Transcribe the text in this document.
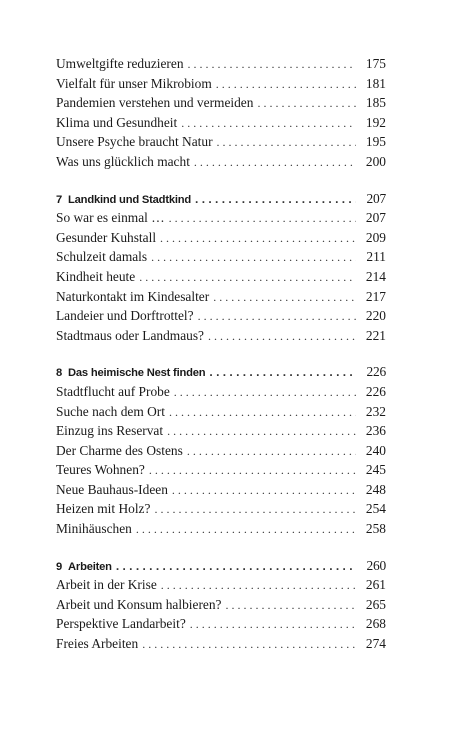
Umweltgifte reduzieren . . .	175
Vielfalt für unser Mikrobiom . . .	181
Pandemien verstehen und vermeiden . . .	185
Klima und Gesundheit . . .	192
Unsere Psyche braucht Natur . . .	195
Was uns glücklich macht . . .	200
7 Landkind und Stadtkind . . .	207
So war es einmal … . . .	207
Gesunder Kuhstall . . .	209
Schulzeit damals . . .	211
Kindheit heute . . .	214
Naturkontakt im Kindesalter . . .	217
Landeier und Dorftrottel? . . .	220
Stadtmaus oder Landmaus? . . .	221
8 Das heimische Nest finden . . .	226
Stadtflucht auf Probe . . .	226
Suche nach dem Ort . . .	232
Einzug ins Reservat . . .	236
Der Charme des Ostens . . .	240
Teures Wohnen? . . .	245
Neue Bauhaus-Ideen . . .	248
Heizen mit Holz? . . .	254
Minihäuschen . . .	258
9 Arbeiten . . .	260
Arbeit in der Krise . . .	261
Arbeit und Konsum halbieren? . . .	265
Perspektive Landarbeit? . . .	268
Freies Arbeiten . . .	274
